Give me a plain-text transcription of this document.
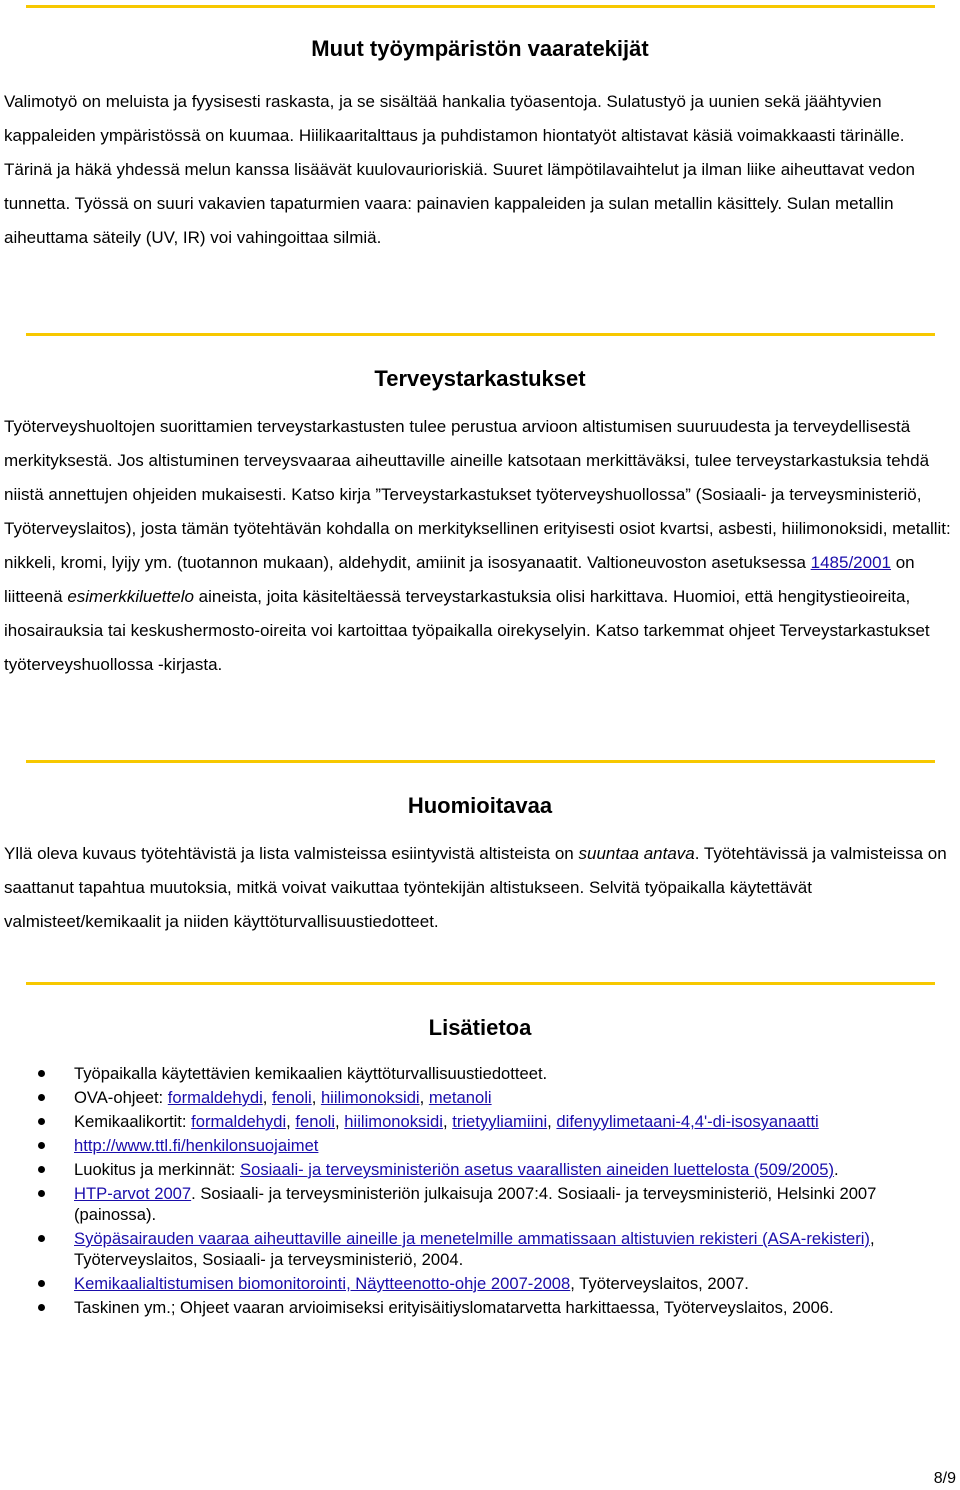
Muut työympäristön vaaratekijät

Valimotyö on meluista ja fyysisesti raskasta, ja se sisältää hankalia työasentoja. Sulatustyö ja uunien sekä jäähtyvien kappaleiden ympäristössä on kuumaa. Hiilikaaritalttaus ja puhdistamon hiontatyöt altistavat käsiä voimakkaasti tärinälle. Tärinä ja häkä yhdessä melun kanssa lisäävät kuulovaurioriskiä. Suuret lämpötilavaihtelut ja ilman liike aiheuttavat vedon tunnetta. Työssä on suuri vakavien tapaturmien vaara: painavien kappaleiden ja sulan metallin käsittely. Sulan metallin aiheuttama säteily (UV, IR) voi vahingoittaa silmiä.

Terveystarkastukset

Työterveyshuoltojen suorittamien terveystarkastusten tulee perustua arvioon altistumisen suuruudesta ja terveydellisestä merkityksestä. Jos altistuminen terveysvaaraa aiheuttaville aineille katsotaan merkittäväksi, tulee terveystarkastuksia tehdä niistä annettujen ohjeiden mukaisesti. Katso kirja ”Terveystarkastukset työterveyshuollossa” (Sosiaali- ja terveysministeriö, Työterveyslaitos), josta tämän työtehtävän kohdalla on merkityksellinen erityisesti osiot kvartsi, asbesti, hiilimonoksidi, metallit: nikkeli, kromi, lyijy ym. (tuotannon mukaan), aldehydit, amiinit ja isosyanaatit. Valtioneuvoston asetuksessa 1485/2001 on liitteenä esimerkkiluettelo aineista, joita käsiteltäessä terveystarkastuksia olisi harkittava. Huomioi, että hengitystieoireita, ihosairauksia tai keskushermosto-oireita voi kartoittaa työpaikalla oirekyselyin. Katso tarkemmat ohjeet Terveystarkastukset työterveyshuollossa -kirjasta.

Huomioitavaa

Yllä oleva kuvaus työtehtävistä ja lista valmisteissa esiintyvistä altisteista on suuntaa antava. Työtehtävissä ja valmisteissa on saattanut tapahtua muutoksia, mitkä voivat vaikuttaa työntekijän altistukseen. Selvitä työpaikalla käytettävät valmisteet/kemikaalit ja niiden käyttöturvallisuustiedotteet.

Lisätietoa
Työpaikalla käytettävien kemikaalien käyttöturvallisuustiedotteet.
OVA-ohjeet: formaldehydi, fenoli, hiilimonoksidi, metanoli
Kemikaalikortit: formaldehydi, fenoli, hiilimonoksidi, trietyyliamiini, difenyylimetaani-4,4'-di-isosyanaatti
http://www.ttl.fi/henkilonsuojaimet
Luokitus ja merkinnät: Sosiaali- ja terveysministeriön asetus vaarallisten aineiden luettelosta (509/2005).
HTP-arvot 2007. Sosiaali- ja terveysministeriön julkaisuja 2007:4. Sosiaali- ja terveysministeriö, Helsinki 2007 (painossa).
Syöpäsairauden vaaraa aiheuttaville aineille ja menetelmille ammatissaan altistuvien rekisteri (ASA-rekisteri), Työterveyslaitos, Sosiaali- ja terveysministeriö, 2004.
Kemikaalialtistumisen biomonitorointi, Näytteenotto-ohje 2007-2008, Työterveyslaitos, 2007.
Taskinen ym.; Ohjeet vaaran arvioimiseksi erityisäitiyslomatarvetta harkittaessa, Työterveyslaitos, 2006.
8/9
